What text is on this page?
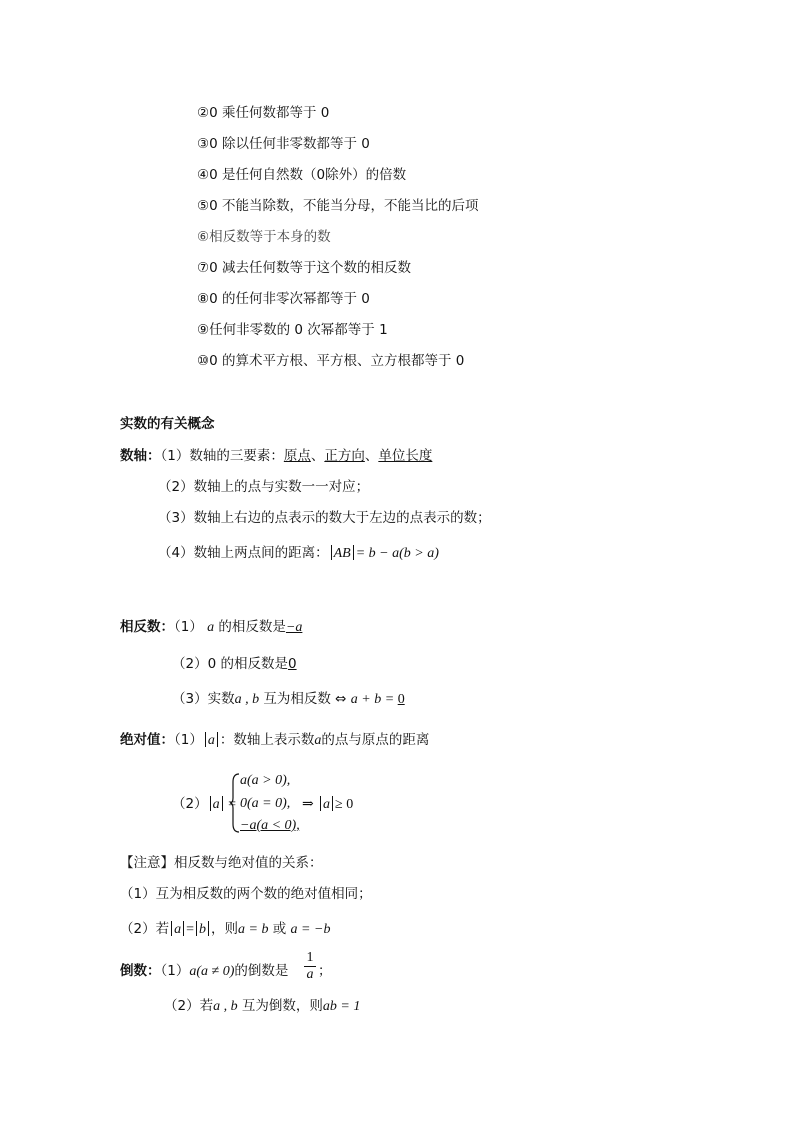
②0 乘任何数都等于 0
③0 除以任何非零数都等于 0
④0 是任何自然数（0除外）的倍数
⑤0 不能当除数，不能当分母，不能当比的后项
⑥相反数等于本身的数
⑦0 减去任何数等于这个数的相反数
⑧0 的任何非零次幂都等于 0
⑨任何非零数的 0 次幂都等于 1
⑩0 的算术平方根、平方根、立方根都等于 0
实数的有关概念
数轴：（1）数轴的三要素：原点、正方向、单位长度
（2）数轴上的点与实数一一对应；
（3）数轴上右边的点表示的数大于左边的点表示的数；
（4）数轴上两点间的距离： AB = b − a(b > a)
相反数：（1） a 的相反数是−a
（2）0 的相反数是0
（3）实数a , b 互为相反数 ⇔ a + b = 0
绝对值：（1） a ：数轴上表示数a的点与原点的距离
（2） a =
a(a > 0),
0(a = 0),
−a(a < 0),
⇒ a ≥ 0
【注意】相反数与绝对值的关系：
（1）互为相反数的两个数的绝对值相同；
（2）若 a = b ，则a = b 或 a = −b
倒数：（1）a(a ≠ 0)的倒数是
1
a ；
（2）若a , b 互为倒数，则ab = 1
